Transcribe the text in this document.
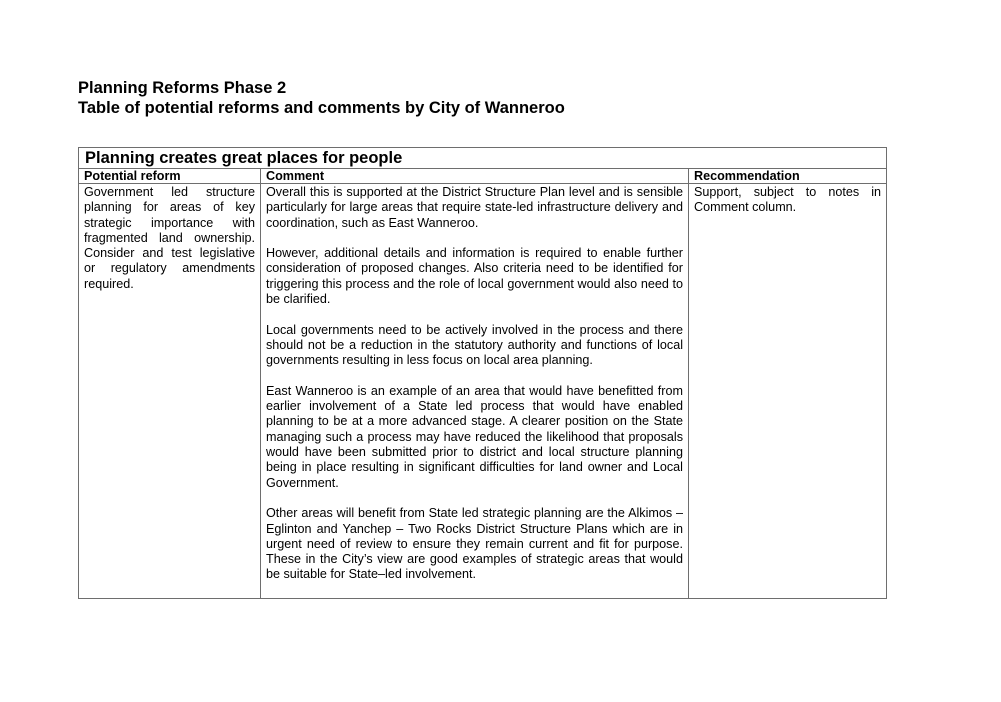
Planning Reforms Phase 2
Table of potential reforms and comments by City of Wanneroo
Planning creates great places for people		
Potential reform	Comment	Recommendation
Government led structure planning for areas of key strategic importance with fragmented land ownership. Consider and test legislative or regulatory amendments required.	Overall this is supported at the District Structure Plan level and is sensible particularly for large areas that require state-led infrastructure delivery and coordination, such as East Wanneroo.

However, additional details and information is required to enable further consideration of proposed changes. Also criteria need to be identified for triggering this process and the role of local government would also need to be clarified.

Local governments need to be actively involved in the process and there should not be a reduction in the statutory authority and functions of local governments resulting in less focus on local area planning.

East Wanneroo is an example of an area that would have benefitted from earlier involvement of a State led process that would have enabled planning to be at a more advanced stage. A clearer position on the State managing such a process may have reduced the likelihood that proposals would have been submitted prior to district and local structure planning being in place resulting in significant difficulties for land owner and Local Government.

Other areas will benefit from State led strategic planning are the Alkimos – Eglinton and Yanchep – Two Rocks District Structure Plans which are in urgent need of review to ensure they remain current and fit for purpose. These in the City’s view are good examples of strategic areas that would be suitable for State–led involvement.	Support, subject to notes in Comment column.
